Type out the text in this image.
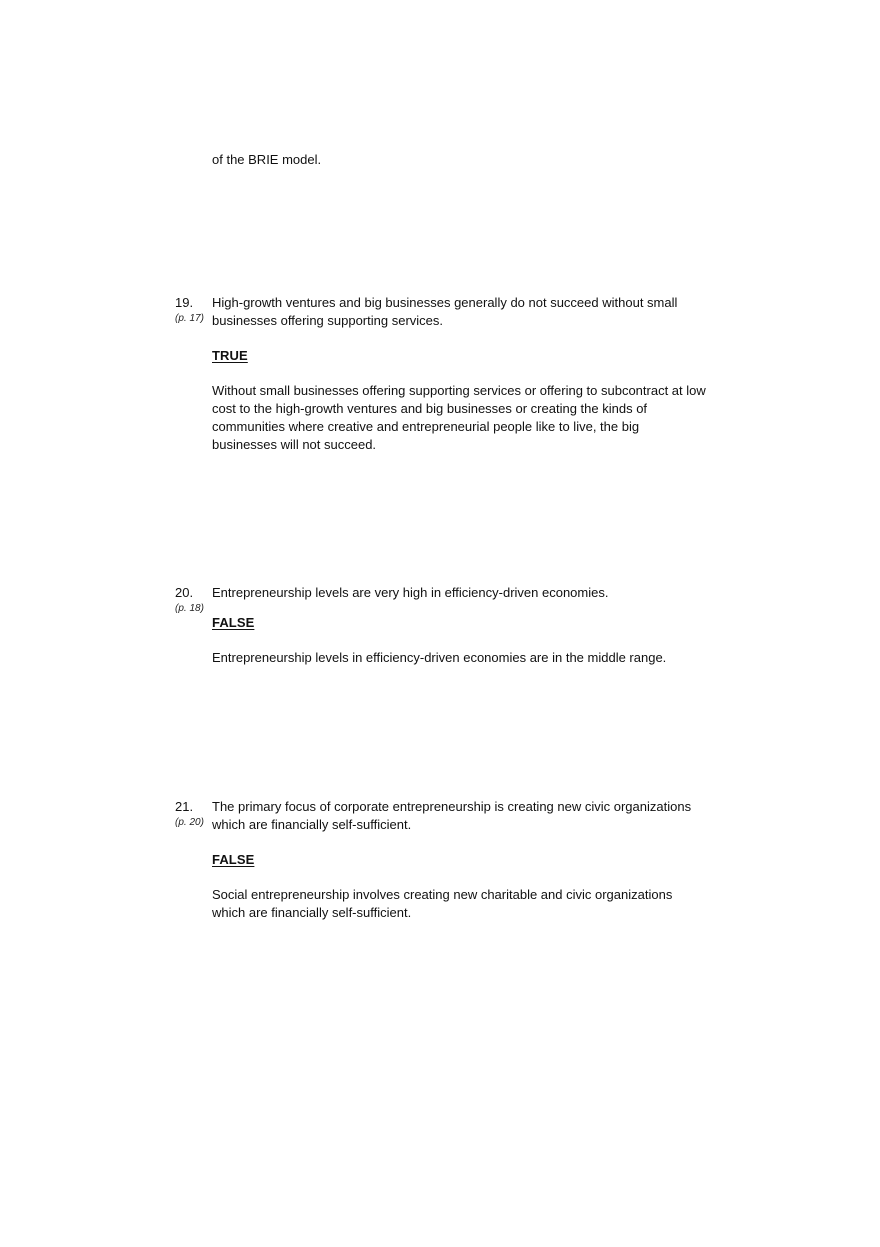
of the BRIE model.
19.
(p. 17)
High-growth ventures and big businesses generally do not succeed without small businesses offering supporting services.
TRUE
Without small businesses offering supporting services or offering to subcontract at low cost to the high-growth ventures and big businesses or creating the kinds of communities where creative and entrepreneurial people like to live, the big businesses will not succeed.
20.
(p. 18)
Entrepreneurship levels are very high in efficiency-driven economies.
FALSE
Entrepreneurship levels in efficiency-driven economies are in the middle range.
21.
(p. 20)
The primary focus of corporate entrepreneurship is creating new civic organizations which are financially self-sufficient.
FALSE
Social entrepreneurship involves creating new charitable and civic organizations which are financially self-sufficient.
